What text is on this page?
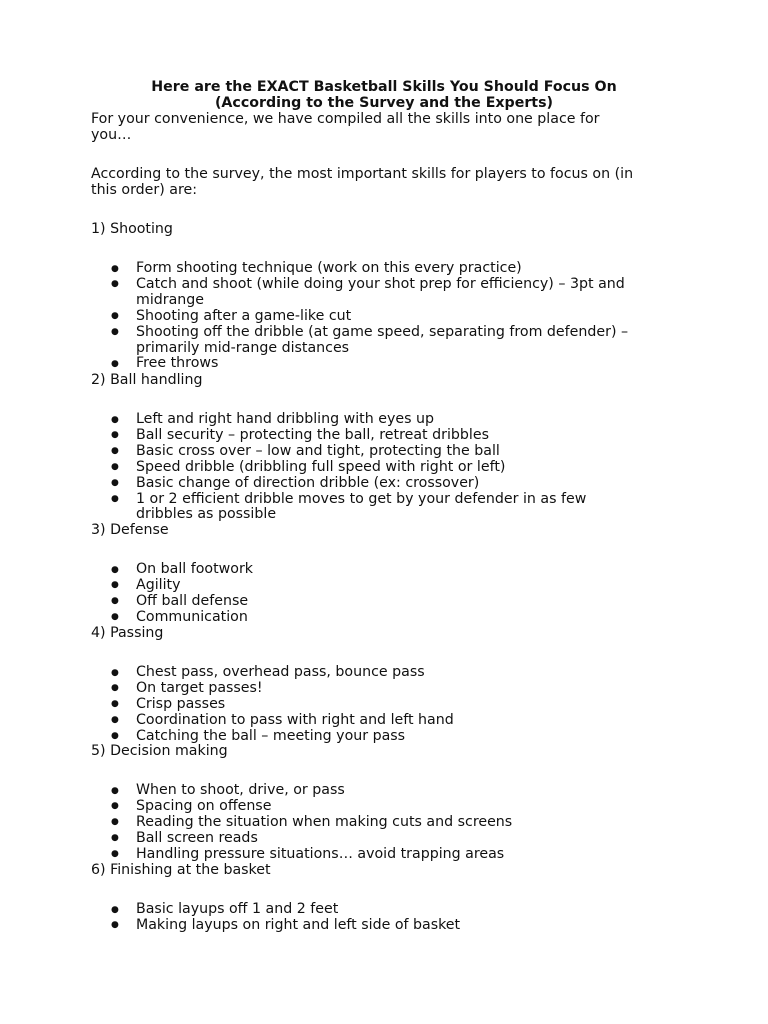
Here are the EXACT Basketball Skills You Should Focus On
(According to the Survey and the Experts)
For your convenience, we have compiled all the skills into one place for
you…
According to the survey, the most important skills for players to focus on (in
this order) are:
1) Shooting
● Form shooting technique (work on this every practice)
● Catch and shoot (while doing your shot prep for efficiency) – 3pt and
midrange
● Shooting after a game-like cut
● Shooting off the dribble (at game speed, separating from defender) –
primarily mid-range distances
● Free throws
2) Ball handling
● Left and right hand dribbling with eyes up
● Ball security – protecting the ball, retreat dribbles
● Basic cross over – low and tight, protecting the ball
● Speed dribble (dribbling full speed with right or left)
● Basic change of direction dribble (ex: crossover)
● 1 or 2 efficient dribble moves to get by your defender in as few
dribbles as possible
3) Defense
● On ball footwork
● Agility
● Off ball defense
● Communication
4) Passing
● Chest pass, overhead pass, bounce pass
● On target passes!
● Crisp passes
● Coordination to pass with right and left hand
● Catching the ball – meeting your pass
5) Decision making
● When to shoot, drive, or pass
● Spacing on offense
● Reading the situation when making cuts and screens
● Ball screen reads
● Handling pressure situations… avoid trapping areas
6) Finishing at the basket
● Basic layups off 1 and 2 feet
● Making layups on right and left side of basket
